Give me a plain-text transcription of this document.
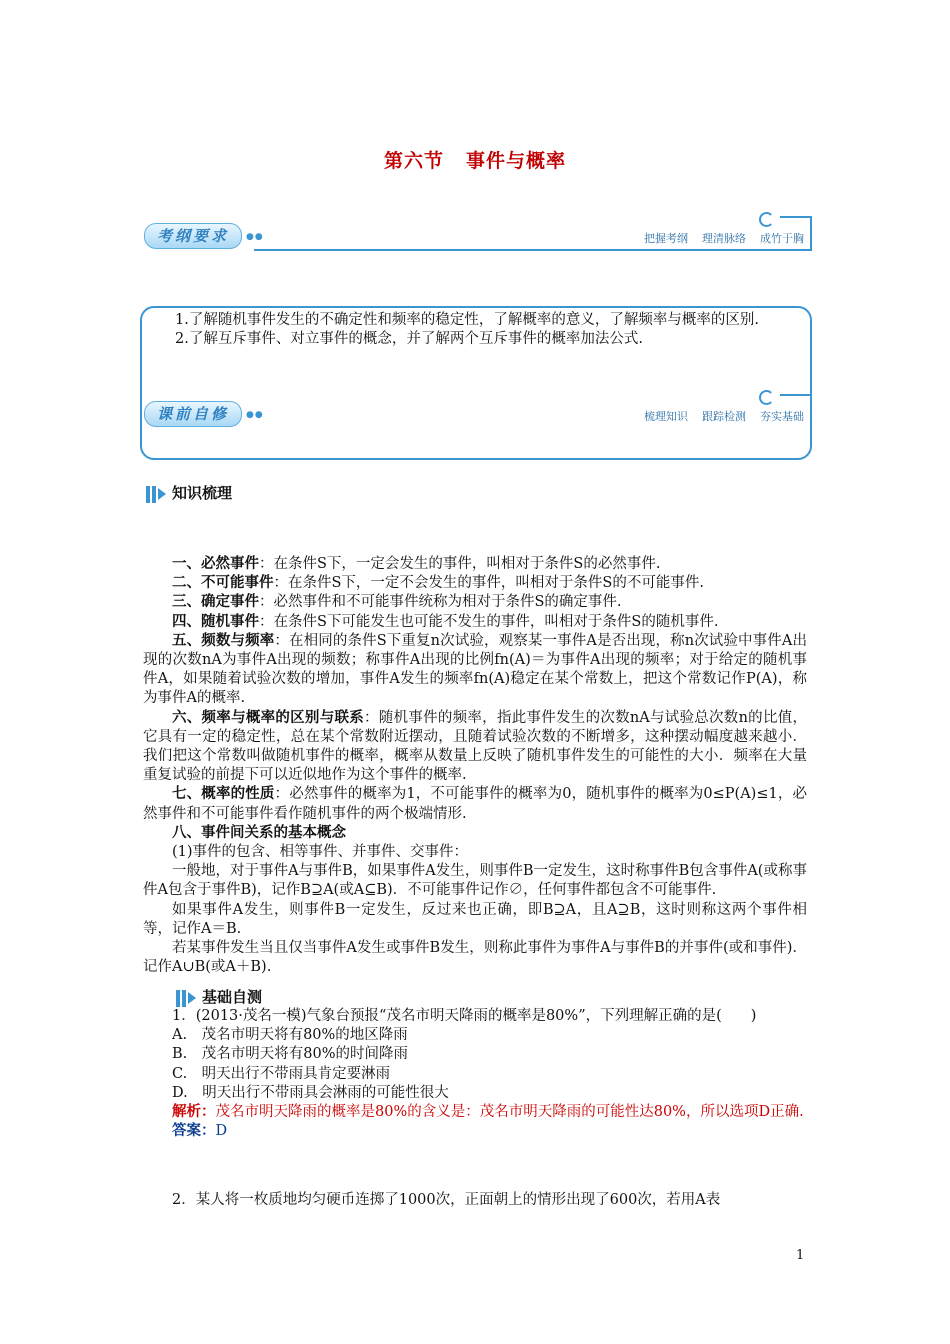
第六节 事件与概率
考纲要求	●●	把握考纲 理清脉络 成竹于胸
1.了解随机事件发生的不确定性和频率的稳定性，了解概率的意义，了解频率与概率的区别.
2.了解互斥事件、对立事件的概念，并了解两个互斥事件的概率加法公式.
课前自修	●●	梳理知识 跟踪检测 夯实基础
知识梳理

一、必然事件：在条件S下，一定会发生的事件，叫相对于条件S的必然事件.

二、不可能事件：在条件S下，一定不会发生的事件，叫相对于条件S的不可能事件.

三、确定事件：必然事件和不可能事件统称为相对于条件S的确定事件.

四、随机事件：在条件S下可能发生也可能不发生的事件，叫相对于条件S的随机事件.

五、频数与频率：在相同的条件S下重复n次试验，观察某一事件A是否出现，称n次试验中事件A出现的次数nA为事件A出现的频数；称事件A出现的比例fn(A)＝为事件A出现的频率；对于给定的随机事件A，如果随着试验次数的增加，事件A发生的频率fn(A)稳定在某个常数上，把这个常数记作P(A)，称为事件A的概率.

六、频率与概率的区别与联系：随机事件的频率，指此事件发生的次数nA与试验总次数n的比值，它具有一定的稳定性，总在某个常数附近摆动，且随着试验次数的不断增多，这种摆动幅度越来越小．我们把这个常数叫做随机事件的概率，概率从数量上反映了随机事件发生的可能性的大小．频率在大量重复试验的前提下可以近似地作为这个事件的概率.

七、概率的性质：必然事件的概率为1，不可能事件的概率为0，随机事件的概率为0≤P(A)≤1，必然事件和不可能事件看作随机事件的两个极端情形.

八、事件间关系的基本概念

(1)事件的包含、相等事件、并事件、交事件：

一般地，对于事件A与事件B，如果事件A发生，则事件B一定发生，这时称事件B包含事件A(或称事件A包含于事件B)，记作B⊇A(或A⊆B)．不可能事件记作∅，任何事件都包含不可能事件.

如果事件A发生，则事件B一定发生，反过来也正确，即B⊇A，且A⊇B，这时则称这两个事件相等，记作A＝B.

若某事件发生当且仅当事件A发生或事件B发生，则称此事件为事件A与事件B的并事件(或和事件)．记作A∪B(或A＋B).

基础自测

1．(2013·茂名一模)气象台预报“茂名市明天降雨的概率是80%”，下列理解正确的是(　　)

A.　茂名市明天将有80%的地区降雨

B.　茂名市明天将有80%的时间降雨

C.　明天出行不带雨具肯定要淋雨

D.　明天出行不带雨具会淋雨的可能性很大

解析：茂名市明天降雨的概率是80%的含义是：茂名市明天降雨的可能性达80%，所以选项D正确.

答案：D

2．某人将一枚质地均匀硬币连掷了1000次，正面朝上的情形出现了600次，若用A表

1
